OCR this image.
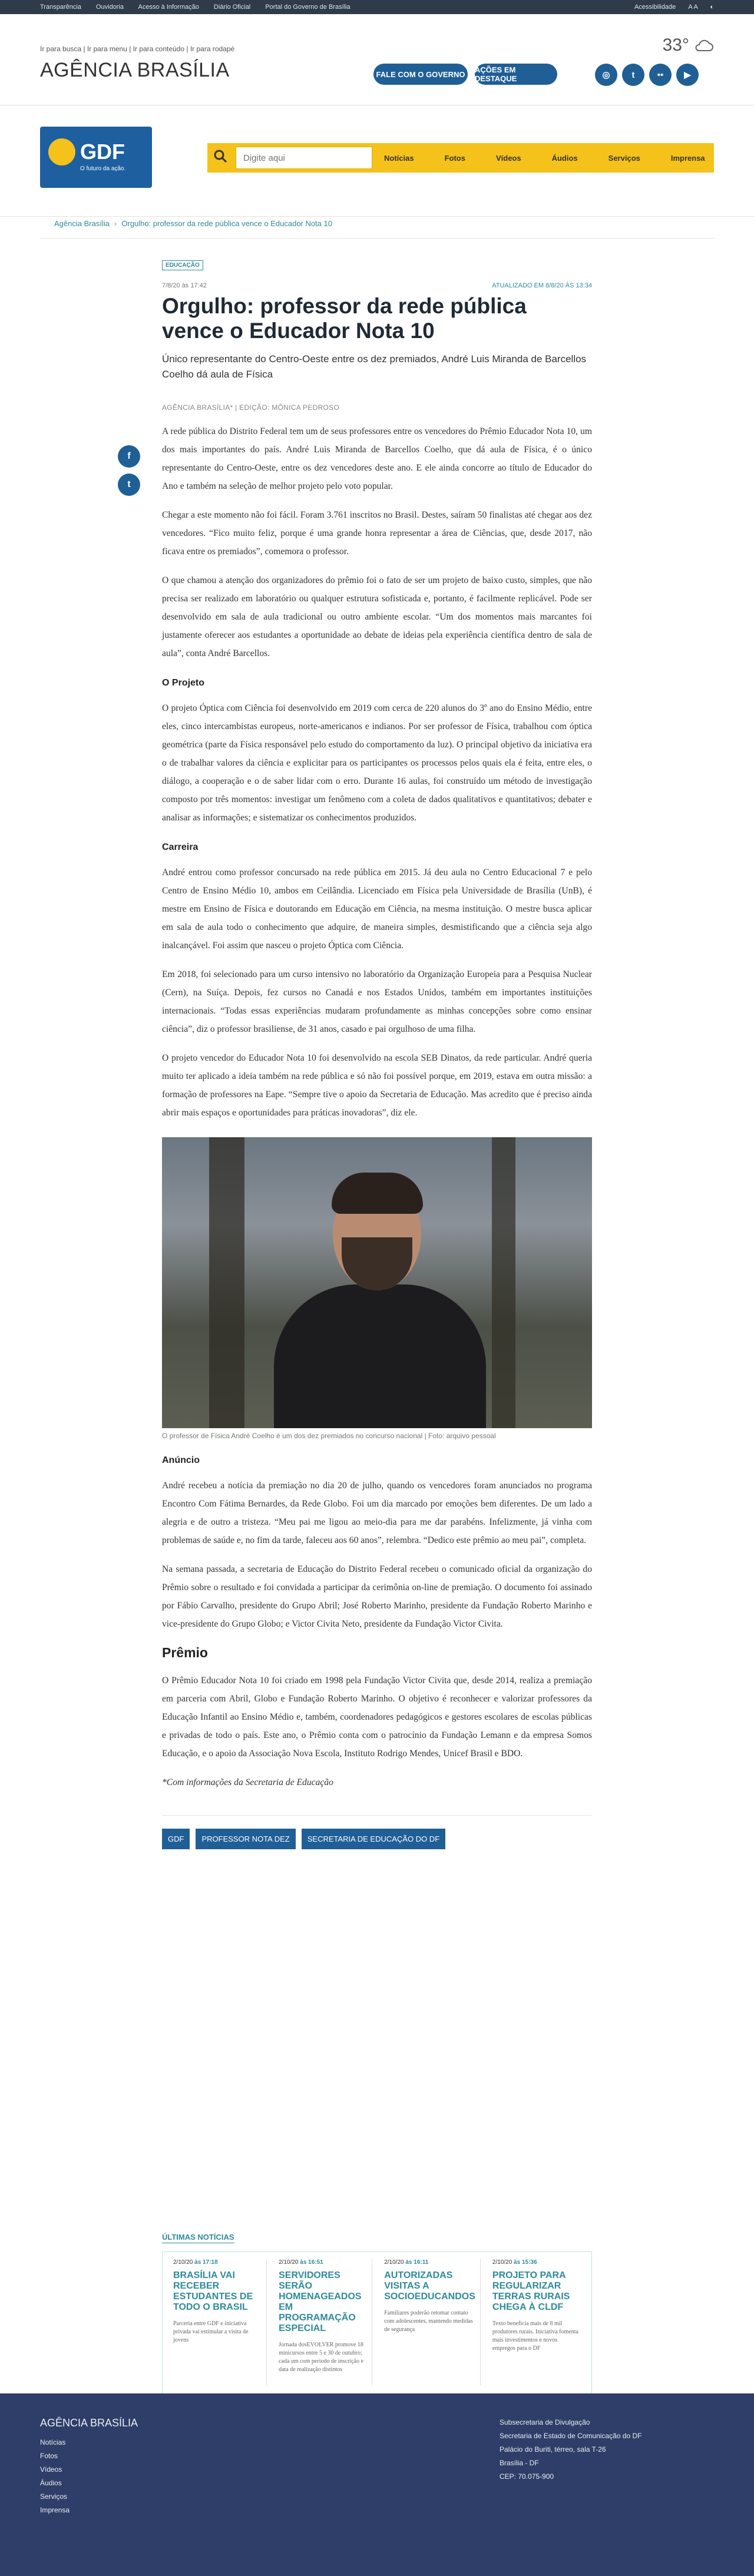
Transparência Ouvidoria Acesso à Informação Diário Oficial Portal do Governo de Brasília	Acessibilidade A A ◐
Ir para busca | Ir para menu | Ir para conteúdo | Ir para rodapé
AGÊNCIA BRASÍLIA
33°
FALE COM O GOVERNO	AÇÕES EM DESTAQUE	◎	t	••	▶
GDF
O futuro da ação.
Digite aqui
Notícias	Fotos	Vídeos	Áudios	Serviços	Imprensa
Agência Brasília › Orgulho: professor da rede pública vence o Educador Nota 10
f
t
EDUCAÇÃO
7/8/20 às 17:42	ATUALIZADO EM 8/8/20 ÀS 13:34
Orgulho: professor da rede pública vence o Educador Nota 10
Único representante do Centro-Oeste entre os dez premiados, André Luis Miranda de Barcellos Coelho dá aula de Física
AGÊNCIA BRASÍLIA* | EDIÇÃO: MÔNICA PEDROSO

A rede pública do Distrito Federal tem um de seus professores entre os vencedores do Prêmio Educador Nota 10, um dos mais importantes do país. André Luis Miranda de Barcellos Coelho, que dá aula de Física, é o único representante do Centro-Oeste, entre os dez vencedores deste ano. E ele ainda concorre ao título de Educador do Ano e também na seleção de melhor projeto pelo voto popular.

Chegar a este momento não foi fácil. Foram 3.761 inscritos no Brasil. Destes, saíram 50 finalistas até chegar aos dez vencedores. “Fico muito feliz, porque é uma grande honra representar a área de Ciências, que, desde 2017, não ficava entre os premiados”, comemora o professor.

O que chamou a atenção dos organizadores do prêmio foi o fato de ser um projeto de baixo custo, simples, que não precisa ser realizado em laboratório ou qualquer estrutura sofisticada e, portanto, é facilmente replicável. Pode ser desenvolvido em sala de aula tradicional ou outro ambiente escolar. “Um dos momentos mais marcantes foi justamente oferecer aos estudantes a oportunidade ao debate de ideias pela experiência científica dentro de sala de aula”, conta André Barcellos.

O Projeto

O projeto Óptica com Ciência foi desenvolvido em 2019 com cerca de 220 alunos do 3º ano do Ensino Médio, entre eles, cinco intercambistas europeus, norte-americanos e indianos. Por ser professor de Física, trabalhou com óptica geométrica (parte da Física responsável pelo estudo do comportamento da luz). O principal objetivo da iniciativa era o de trabalhar valores da ciência e explicitar para os participantes os processos pelos quais ela é feita, entre eles, o diálogo, a cooperação e o de saber lidar com o erro. Durante 16 aulas, foi construído um método de investigação composto por três momentos: investigar um fenômeno com a coleta de dados qualitativos e quantitativos; debater e analisar as informações; e sistematizar os conhecimentos produzidos.

Carreira

André entrou como professor concursado na rede pública em 2015. Já deu aula no Centro Educacional 7 e pelo Centro de Ensino Médio 10, ambos em Ceilândia. Licenciado em Física pela Universidade de Brasília (UnB), é mestre em Ensino de Física e doutorando em Educação em Ciência, na mesma instituição. O mestre busca aplicar em sala de aula todo o conhecimento que adquire, de maneira simples, desmistificando que a ciência seja algo inalcançável. Foi assim que nasceu o projeto Óptica com Ciência.

Em 2018, foi selecionado para um curso intensivo no laboratório da Organização Europeia para a Pesquisa Nuclear (Cern), na Suíça. Depois, fez cursos no Canadá e nos Estados Unidos, também em importantes instituições internacionais. “Todas essas experiências mudaram profundamente as minhas concepções sobre como ensinar ciência”, diz o professor brasiliense, de 31 anos, casado e pai orgulhoso de uma filha.

O projeto vencedor do Educador Nota 10 foi desenvolvido na escola SEB Dinatos, da rede particular. André queria muito ter aplicado a ideia também na rede pública e só não foi possível porque, em 2019, estava em outra missão: a formação de professores na Eape. “Sempre tive o apoio da Secretaria de Educação. Mas acredito que é preciso ainda abrir mais espaços e oportunidades para práticas inovadoras”, diz ele.

O professor de Física André Coelho é um dos dez premiados no concurso nacional | Foto: arquivo pessoal
Anúncio

André recebeu a notícia da premiação no dia 20 de julho, quando os vencedores foram anunciados no programa Encontro Com Fátima Bernardes, da Rede Globo. Foi um dia marcado por emoções bem diferentes. De um lado a alegria e de outro a tristeza. “Meu pai me ligou ao meio-dia para me dar parabéns. Infelizmente, já vinha com problemas de saúde e, no fim da tarde, faleceu aos 60 anos”, relembra. “Dedico este prêmio ao meu pai”, completa.

Na semana passada, a secretaria de Educação do Distrito Federal recebeu o comunicado oficial da organização do Prêmio sobre o resultado e foi convidada a participar da cerimônia on-line de premiação. O documento foi assinado por Fábio Carvalho, presidente do Grupo Abril; José Roberto Marinho, presidente da Fundação Roberto Marinho e vice-presidente do Grupo Globo; e Victor Civita Neto, presidente da Fundação Victor Civita.

Prêmio

O Prêmio Educador Nota 10 foi criado em 1998 pela Fundação Victor Civita que, desde 2014, realiza a premiação em parceria com Abril, Globo e Fundação Roberto Marinho. O objetivo é reconhecer e valorizar professores da Educação Infantil ao Ensino Médio e, também, coordenadores pedagógicos e gestores escolares de escolas públicas e privadas de todo o país. Este ano, o Prêmio conta com o patrocínio da Fundação Lemann e da empresa Somos Educação, e o apoio da Associação Nova Escola, Instituto Rodrigo Mendes, Unicef Brasil e BDO.

*Com informações da Secretaria de Educação

GDF	PROFESSOR NOTA DEZ	SECRETARIA DE EDUCAÇÃO DO DF
ÚLTIMAS NOTÍCIAS
2/10/20 às 17:18
BRASÍLIA VAI RECEBER ESTUDANTES DE TODO O BRASIL
Parceria entre GDF e iniciativa privada vai estimular a visita de jovens
2/10/20 às 16:51
SERVIDORES SERÃO HOMENAGEADOS EM PROGRAMAÇÃO ESPECIAL
Jornada dosEVOLVER promove 18 minicursos entre 5 e 30 de outubro; cada um com período de inscrição e data de realização distintos
2/10/20 às 16:11
AUTORIZADAS VISITAS A SOCIOEDUCANDOS
Familiares poderão retomar contato com adolescentes, mantendo medidas de segurança
2/10/20 às 15:36
PROJETO PARA REGULARIZAR TERRAS RURAIS CHEGA À CLDF
Texto beneficia mais de 8 mil produtores rurais. Iniciativa fomenta mais investimentos e novos empregos para o DF
AGÊNCIA BRASÍLIA
Notícias
Fotos
Vídeos
Áudios
Serviços
Imprensa
Subsecretaria de Divulgação
Secretaria de Estado de Comunicação do DF
Palácio do Buriti, térreo, sala T-26
Brasília - DF
CEP: 70.075-900
